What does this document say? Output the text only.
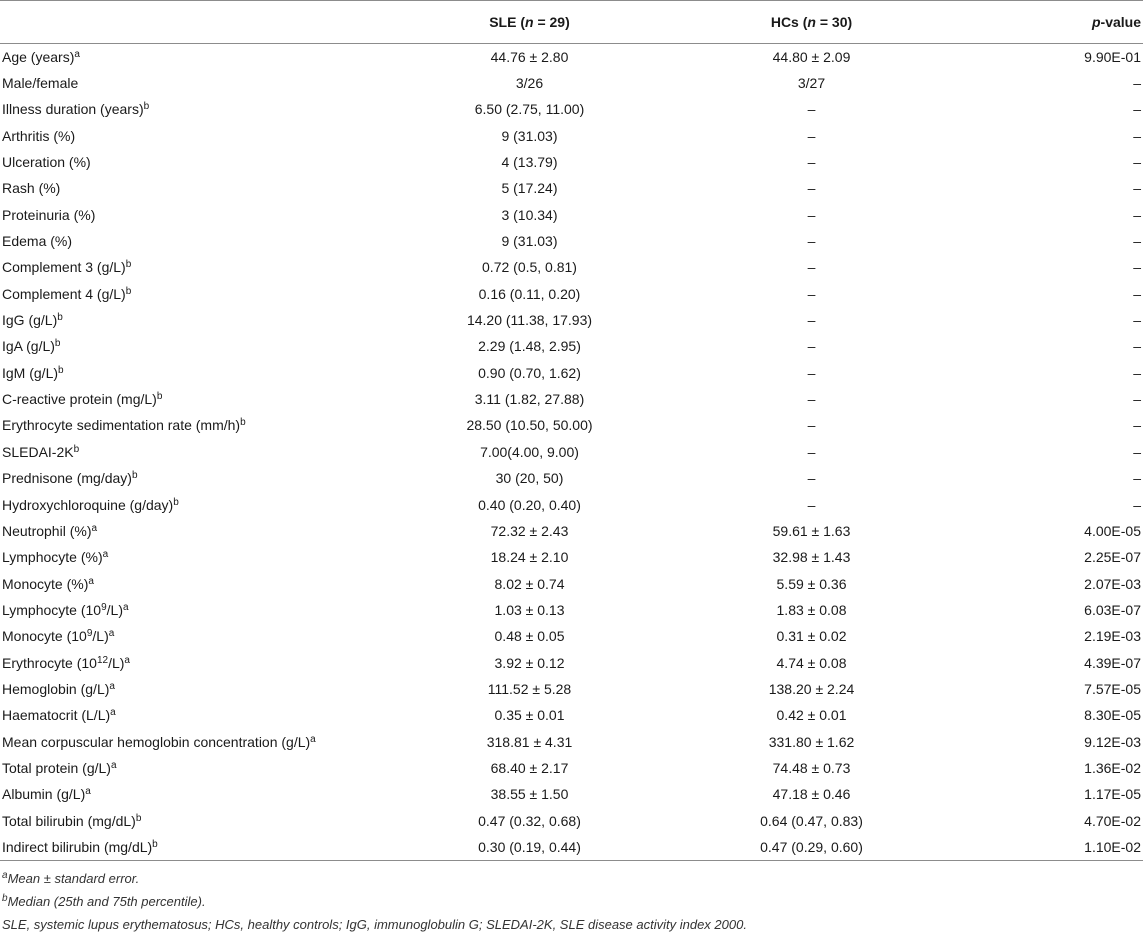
	SLE (n = 29)	HCs (n = 30)	p-value
Age (years)$^a$	44.76 ± 2.80	44.80 ± 2.09	9.90E-01
Male/female	3/26	3/27	–
Illness duration (years)$^b$	6.50 (2.75, 11.00)	–	–
Arthritis (%)	9 (31.03)	–	–
Ulceration (%)	4 (13.79)	–	–
Rash (%)	5 (17.24)	–	–
Proteinuria (%)	3 (10.34)	–	–
Edema (%)	9 (31.03)	–	–
Complement 3 $(g/L)^b$	0.72 (0.5, 0.81)	–	–
Complement 4 $(g/L)^b$	0.16 (0.11, 0.20)	–	–
IgG $(g/L)^b$	14.20 (11.38, 17.93)	–	–
IgA $(g/L)^b$	2.29 (1.48, 2.95)	–	–
IgM $(g/L)^b$	0.90 (0.70, 1.62)	–	–
C-reactive protein $(mg/L)^b$	3.11 (1.82, 27.88)	–	–
Erythrocyte sedimentation rate $(mm/h)^b$	28.50 (10.50, 50.00)	–	–
SLEDAI-$2K^b$	7.00(4.00, 9.00)	–	–
Prednisone $(mg/day)^b$	30 (20, 50)	–	–
Hydroxychloroquine $(g/day)^b$	0.40 (0.20, 0.40)	–	–
Neutrophil (%)$^a$	72.32 ± 2.43	59.61 ± 1.63	4.00E-05
Lymphocyte (%)$^a$	18.24 ± 2.10	32.98 ± 1.43	2.25E-07
Monocyte (%)$^a$	8.02 ± 0.74	5.59 ± 0.36	2.07E-03
Lymphocyte $(10^9/L)^a$	1.03 ± 0.13	1.83 ± 0.08	6.03E-07
Monocyte $(10^9/L)^a$	0.48 ± 0.05	0.31 ± 0.02	2.19E-03
Erythrocyte $(10^{12}/L)^a$	3.92 ± 0.12	4.74 ± 0.08	4.39E-07
Hemoglobin $(g/L)^a$	111.52 ± 5.28	138.20 ± 2.24	7.57E-05
Haematocrit $(L/L)^a$	0.35 ± 0.01	0.42 ± 0.01	8.30E-05
Mean corpuscular hemoglobin concentration $(g/L)^a$	318.81 ± 4.31	331.80 ± 1.62	9.12E-03
Total protein $(g/L)^a$	68.40 ± 2.17	74.48 ± 0.73	1.36E-02
Albumin $(g/L)^a$	38.55 ± 1.50	47.18 ± 0.46	1.17E-05
Total bilirubin $(mg/dL)^b$	0.47 (0.32, 0.68)	0.64 (0.47, 0.83)	4.70E-02
Indirect bilirubin $(mg/dL)^b$	0.30 (0.19, 0.44)	0.47 (0.29, 0.60)	1.10E-02
$^a$Mean ± standard error.
$^b$Median (25th and 75th percentile).
SLE, systemic lupus erythematosus; HCs, healthy controls; IgG, immunoglobulin G; SLEDAI-2K, SLE disease activity index 2000.
